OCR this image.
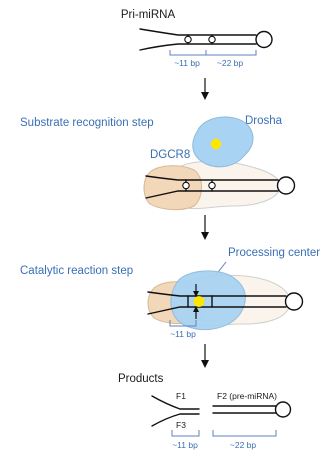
Pri-miRNA
~11 bp ~22 bp
Substrate recognition step	Drosha
DGCR8
Catalytic reaction step
Processing center
~11 bp
Products
F1	F2 (pre-miRNA)
F3
~11 bp	~22 bp
